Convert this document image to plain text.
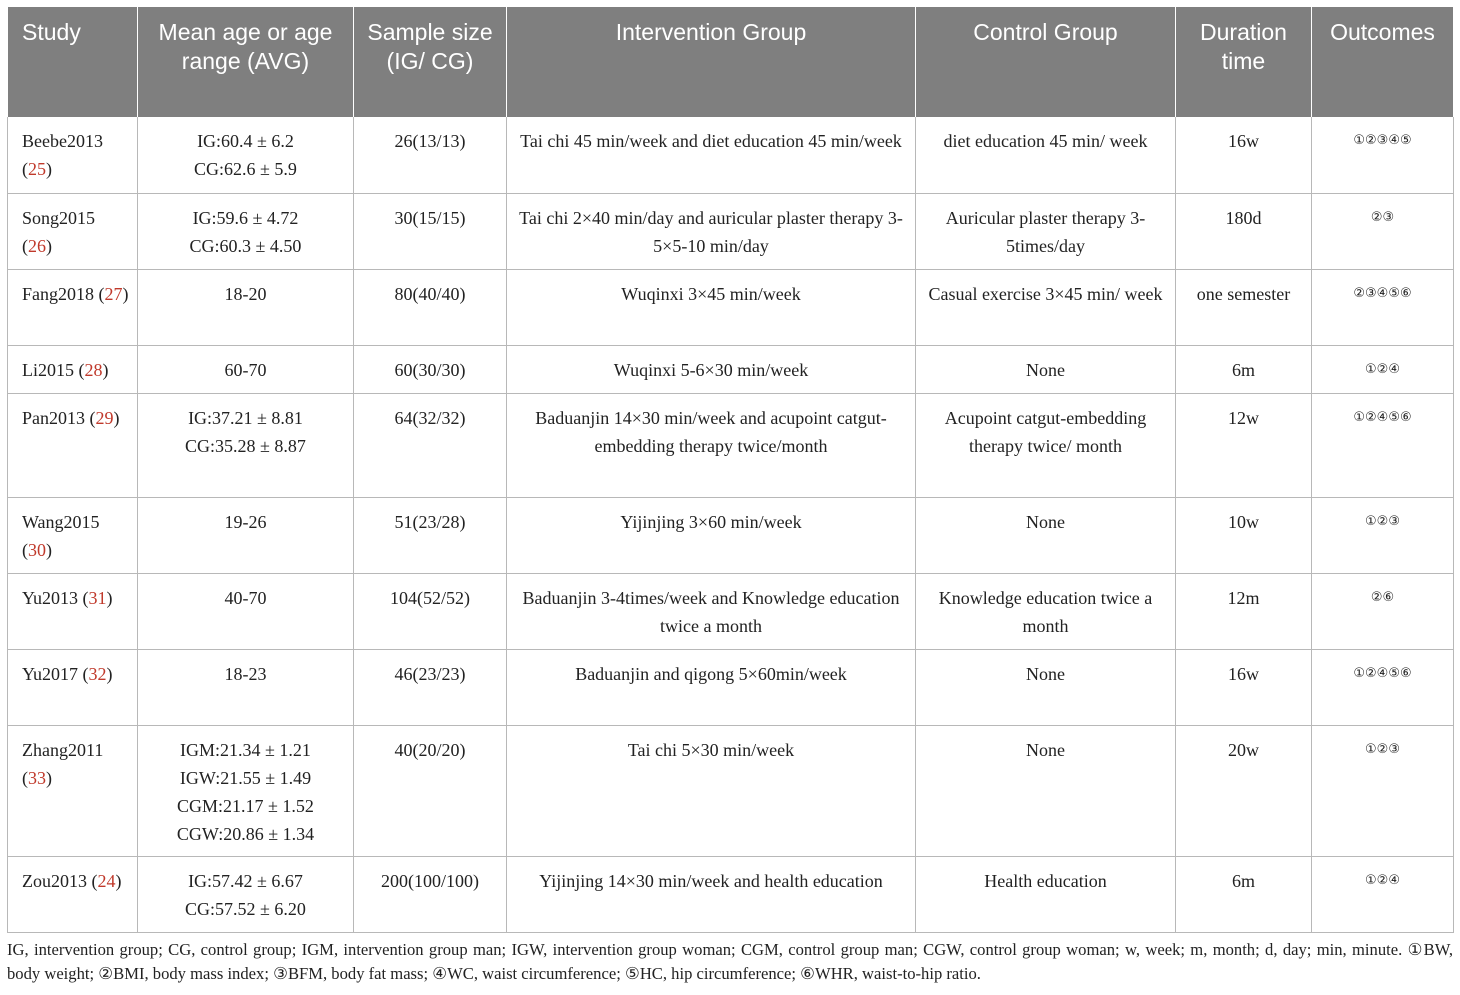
Study	Mean age or age range (AVG)	Sample size (IG/ CG)	Intervention Group	Control Group	Duration time	Outcomes
Beebe2013 (25)	IG:60.4 ± 6.2
CG:62.6 ± 5.9	26(13/13)	Tai chi 45 min/week and diet education 45 min/week	diet education 45 min/ week	16w	①②③④⑤
Song2015 (26)	IG:59.6 ± 4.72
CG:60.3 ± 4.50	30(15/15)	Tai chi 2×40 min/day and auricular plaster therapy 3-5×5-10 min/day	Auricular plaster therapy 3-5times/day	180d	②③
Fang2018 (27)	18-20	80(40/40)	Wuqinxi 3×45 min/week	Casual exercise 3×45 min/ week	one semester	②③④⑤⑥
Li2015 (28)	60-70	60(30/30)	Wuqinxi 5-6×30 min/week	None	6m	①②④
Pan2013 (29)	IG:37.21 ± 8.81
CG:35.28 ± 8.87	64(32/32)	Baduanjin 14×30 min/week and acupoint catgut-embedding therapy twice/month	Acupoint catgut-embedding therapy twice/ month	12w	①②④⑤⑥
Wang2015 (30)	19-26	51(23/28)	Yijinjing 3×60 min/week	None	10w	①②③
Yu2013 (31)	40-70	104(52/52)	Baduanjin 3-4times/week and Knowledge education twice a month	Knowledge education twice a month	12m	②⑥
Yu2017 (32)	18-23	46(23/23)	Baduanjin and qigong 5×60min/week	None	16w	①②④⑤⑥
Zhang2011 (33)	IGM:21.34 ± 1.21
IGW:21.55 ± 1.49
CGM:21.17 ± 1.52
CGW:20.86 ± 1.34	40(20/20)	Tai chi 5×30 min/week	None	20w	①②③
Zou2013 (24)	IG:57.42 ± 6.67
CG:57.52 ± 6.20	200(100/100)	Yijinjing 14×30 min/week and health education	Health education	6m	①②④
IG, intervention group; CG, control group; IGM, intervention group man; IGW, intervention group woman; CGM, control group man; CGW, control group woman; w, week; m, month; d, day; min, minute. ①BW, body weight; ②BMI, body mass index; ③BFM, body fat mass; ④WC, waist circumference; ⑤HC, hip circumference; ⑥WHR, waist-to-hip ratio.
